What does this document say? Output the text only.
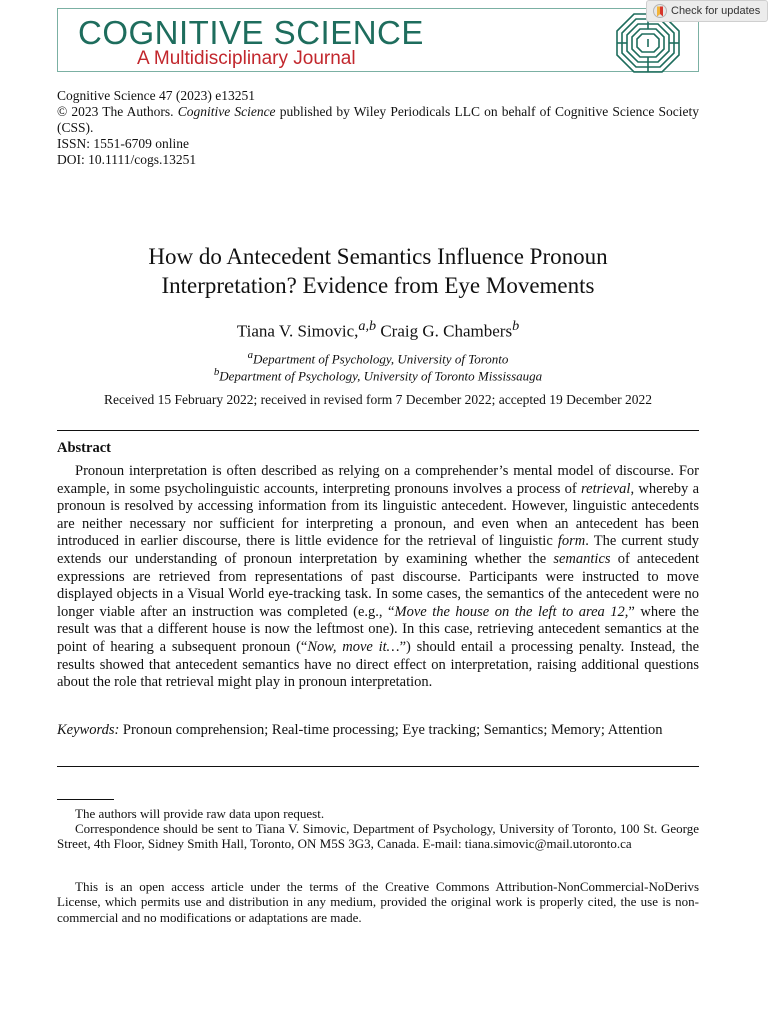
COGNITIVE SCIENCE
A Multidisciplinary Journal
Check for updates
Cognitive Science 47 (2023) e13251
© 2023 The Authors. Cognitive Science published by Wiley Periodicals LLC on behalf of Cognitive Science Society (CSS).
ISSN: 1551-6709 online
DOI: 10.1111/cogs.13251
How do Antecedent Semantics Influence Pronoun
Interpretation? Evidence from Eye Movements
Tiana V. Simovic,$^{a,b}$ Craig G. Chambers$^b$
$^a$Department of Psychology, University of Toronto
$^b$Department of Psychology, University of Toronto Mississauga
Received 15 February 2022; received in revised form 7 December 2022; accepted 19 December 2022
Abstract
Pronoun interpretation is often described as relying on a comprehender’s mental model of discourse. For example, in some psycholinguistic accounts, interpreting pronouns involves a process of retrieval, whereby a pronoun is resolved by accessing information from its linguistic antecedent. However, linguistic antecedents are neither necessary nor sufficient for interpreting a pronoun, and even when an antecedent has been introduced in earlier discourse, there is little evidence for the retrieval of linguistic form. The current study extends our understanding of pronoun interpretation by examining whether the semantics of antecedent expressions are retrieved from representations of past discourse. Participants were instructed to move displayed objects in a Visual World eye-tracking task. In some cases, the semantics of the antecedent were no longer viable after an instruction was completed (e.g., “Move the house on the left to area 12,” where the result was that a different house is now the leftmost one). In this case, retrieving antecedent semantics at the point of hearing a subsequent pronoun (“Now, move it…”) should entail a processing penalty. Instead, the results showed that antecedent semantics have no direct effect on interpretation, raising additional questions about the role that retrieval might play in pronoun interpretation.
Keywords: Pronoun comprehension; Real-time processing; Eye tracking; Semantics; Memory; Attention
The authors will provide raw data upon request.
Correspondence should be sent to Tiana V. Simovic, Department of Psychology, University of Toronto, 100 St. George Street, 4th Floor, Sidney Smith Hall, Toronto, ON M5S 3G3, Canada. E-mail: tiana.simovic@mail.utoronto.ca
This is an open access article under the terms of the Creative Commons Attribution-NonCommercial-NoDerivs License, which permits use and distribution in any medium, provided the original work is properly cited, the use is non-commercial and no modifications or adaptations are made.
